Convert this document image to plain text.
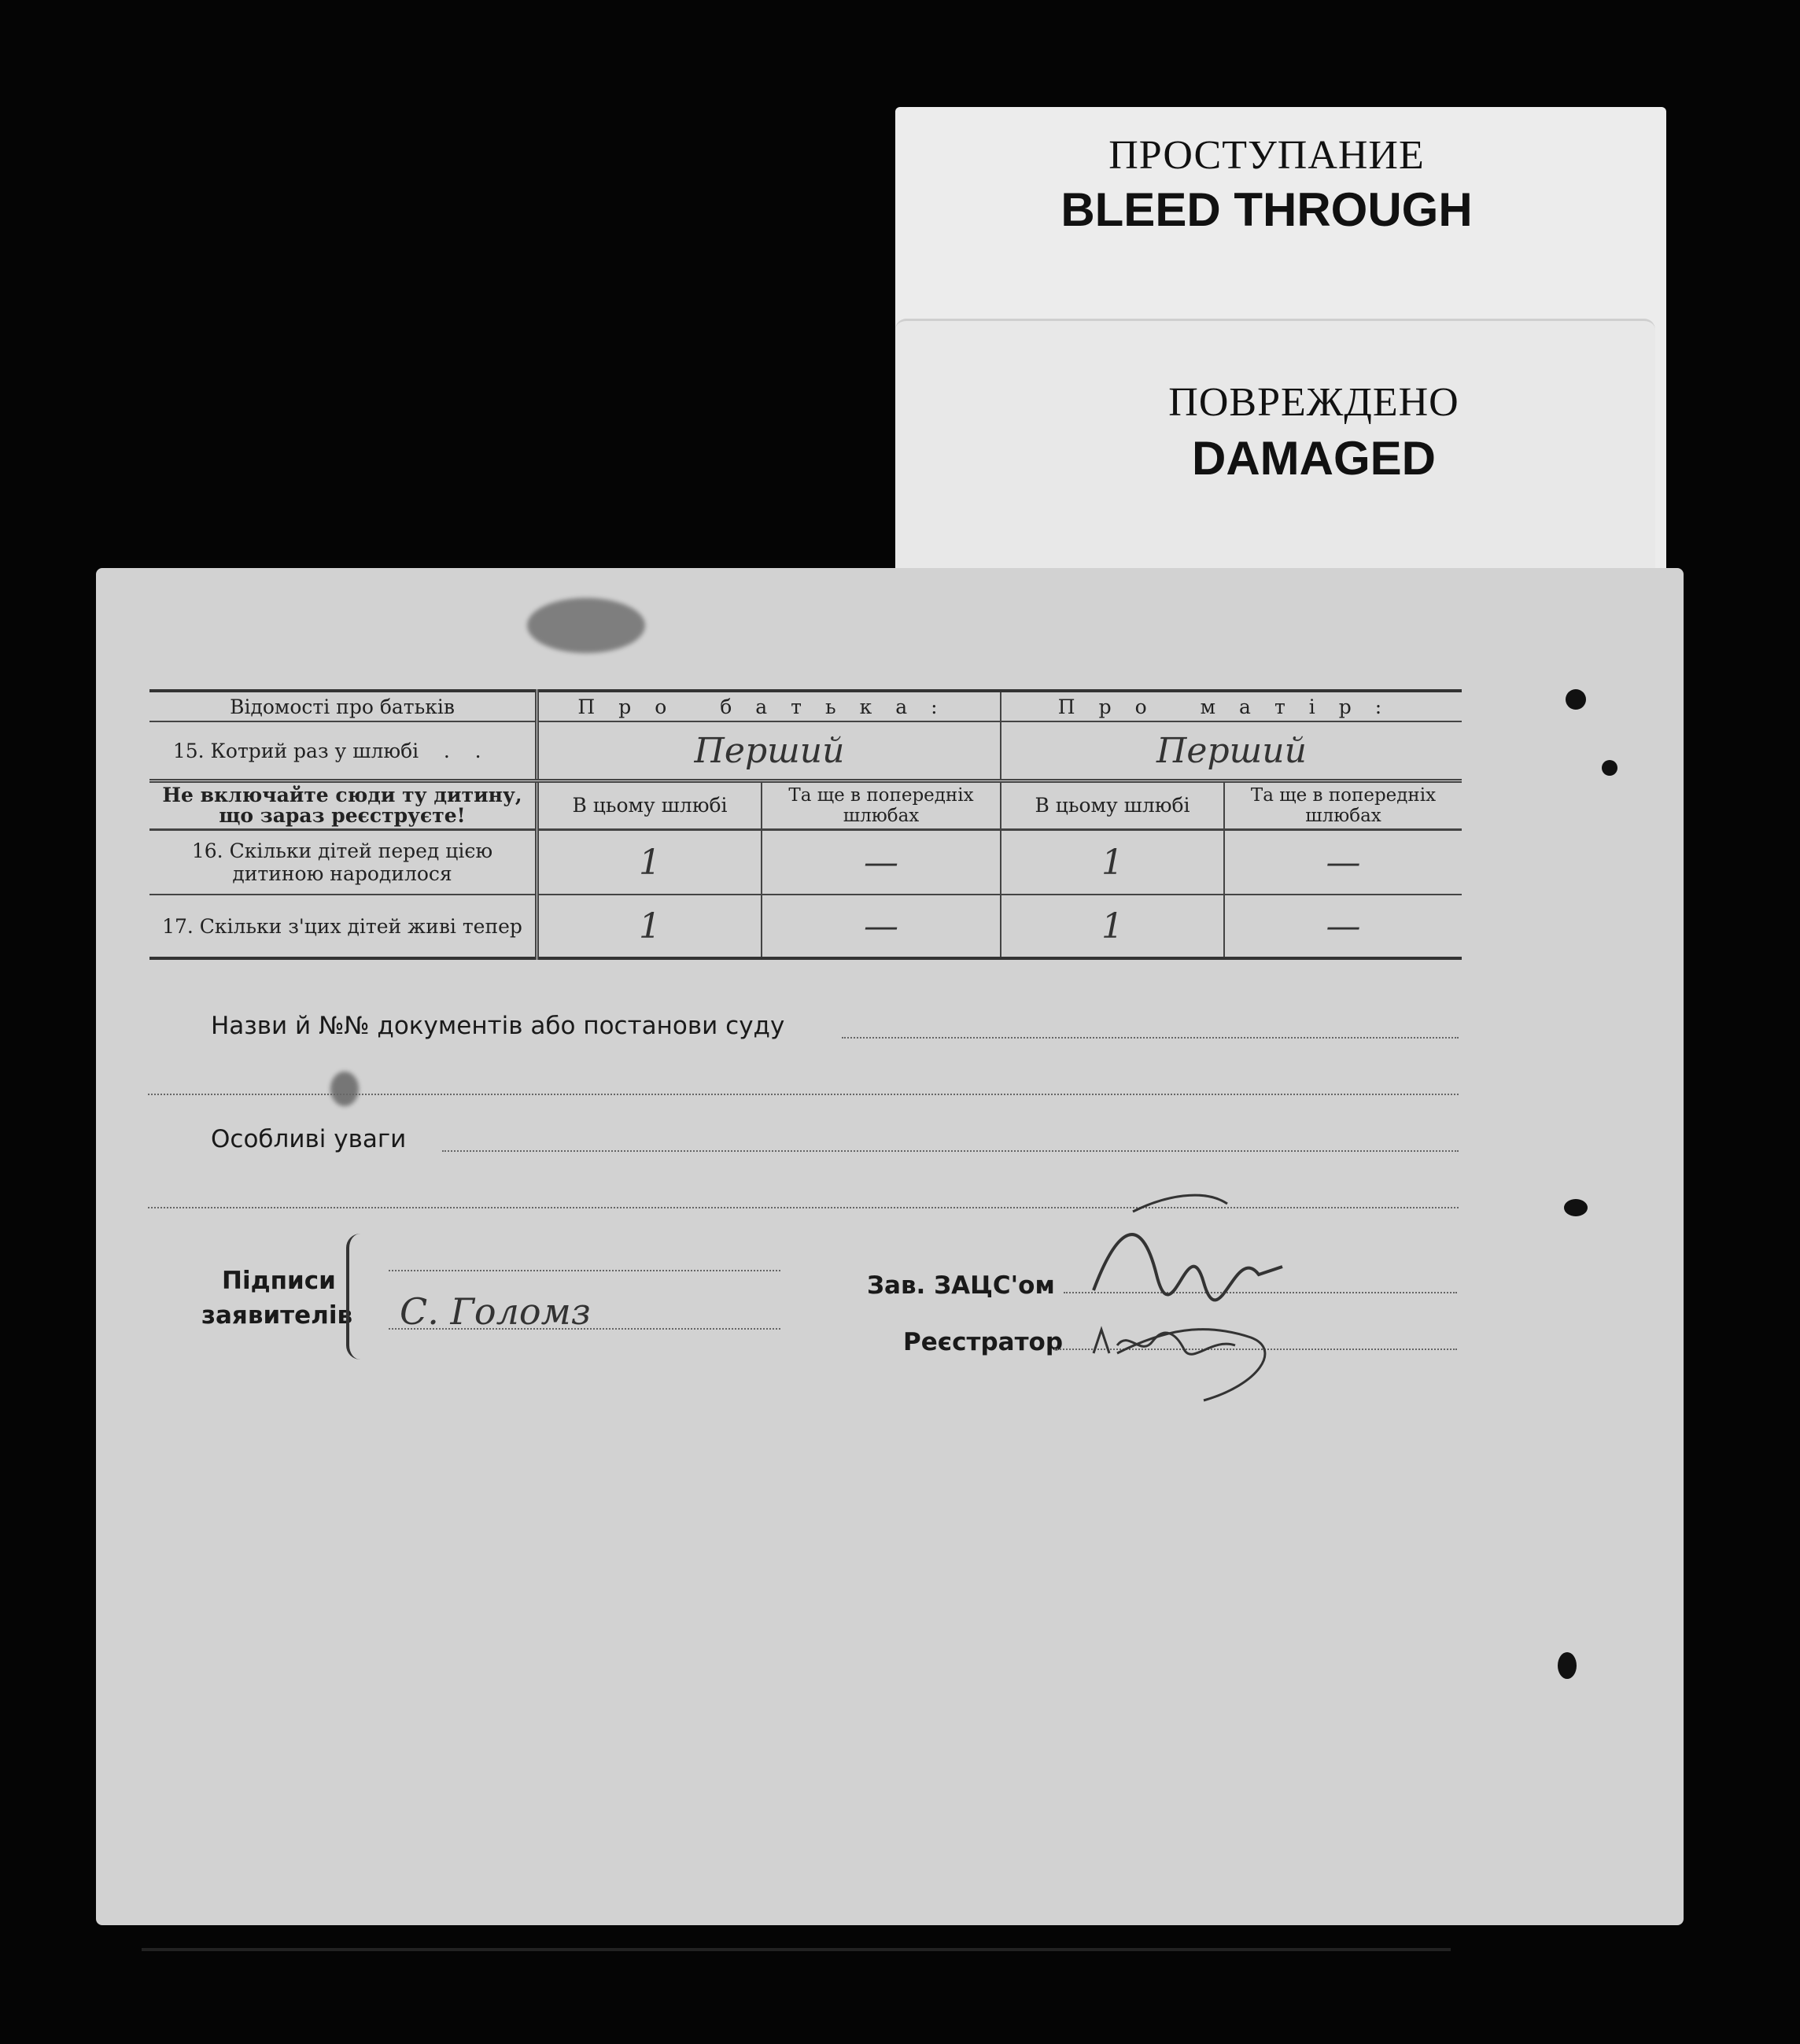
ПРОСТУПАНИЕ
BLEED THROUGH
ПОВРЕЖДЕНО
DAMAGED
Відомості про батьків	Про батька:		Про матір:	
15. Котрий раз у шлюбі    .    .	Перший		Перший	
Не включайте сюди ту дитину, що зараз реєструєте!	В цьому шлюбі	Та ще в попередніх шлюбах	В цьому шлюбі	Та ще в попередніх шлюбах
16. Скільки дітей перед цією дитиною народилося	1	—	1	—
17. Скільки з'цих дітей живі тепер	1	—	1	—
Назви й №№ документів або постанови суду
Особливі уваги
Підписи
заявителів С. Голомз
Зав. ЗАЦС'ом
Реєстратор
